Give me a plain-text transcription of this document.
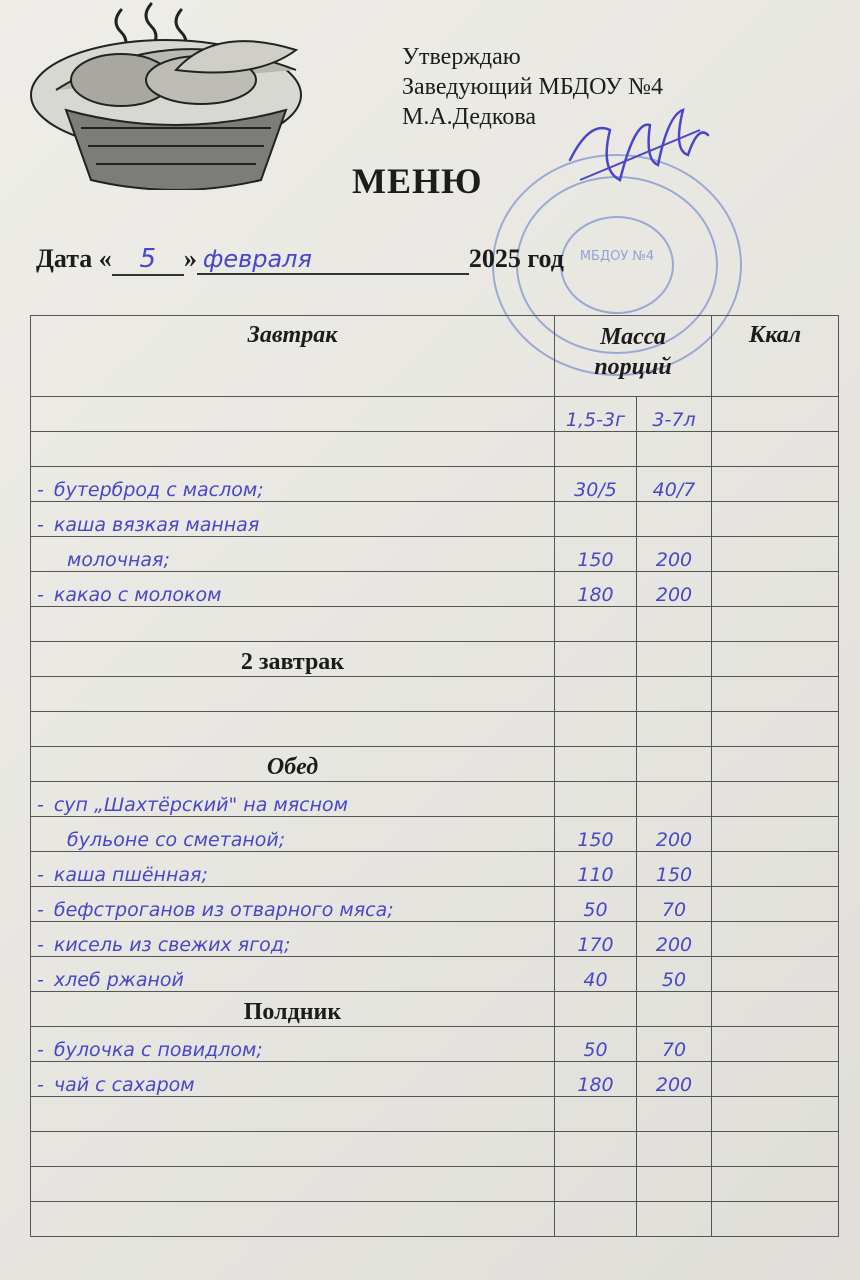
Утверждаю
Заведующий МБДОУ №4
М.А.Дедкова
МБДОУ №4
МЕНЮ
Дата « 5 » февраля	2025 год
Завтрак	Масса порций		Ккал
	1,5-3г	3-7л	

- бутерброд с маслом;	30/5	40/7	
- каша вязкая манная			
молочная;	150	200	
- какао с молоком	180	200	

2 завтрак			

Обед			
- суп „Шахтёрский" на мясном			
бульоне со сметаной;	150	200	
- каша пшённая;	110	150	
- бефстроганов из отварного мяса;	50	70	
- кисель из свежих ягод;	170	200	
- хлеб ржаной	40	50	
Полдник			
- булочка с повидлом;	50	70	
- чай с сахаром	180	200	
